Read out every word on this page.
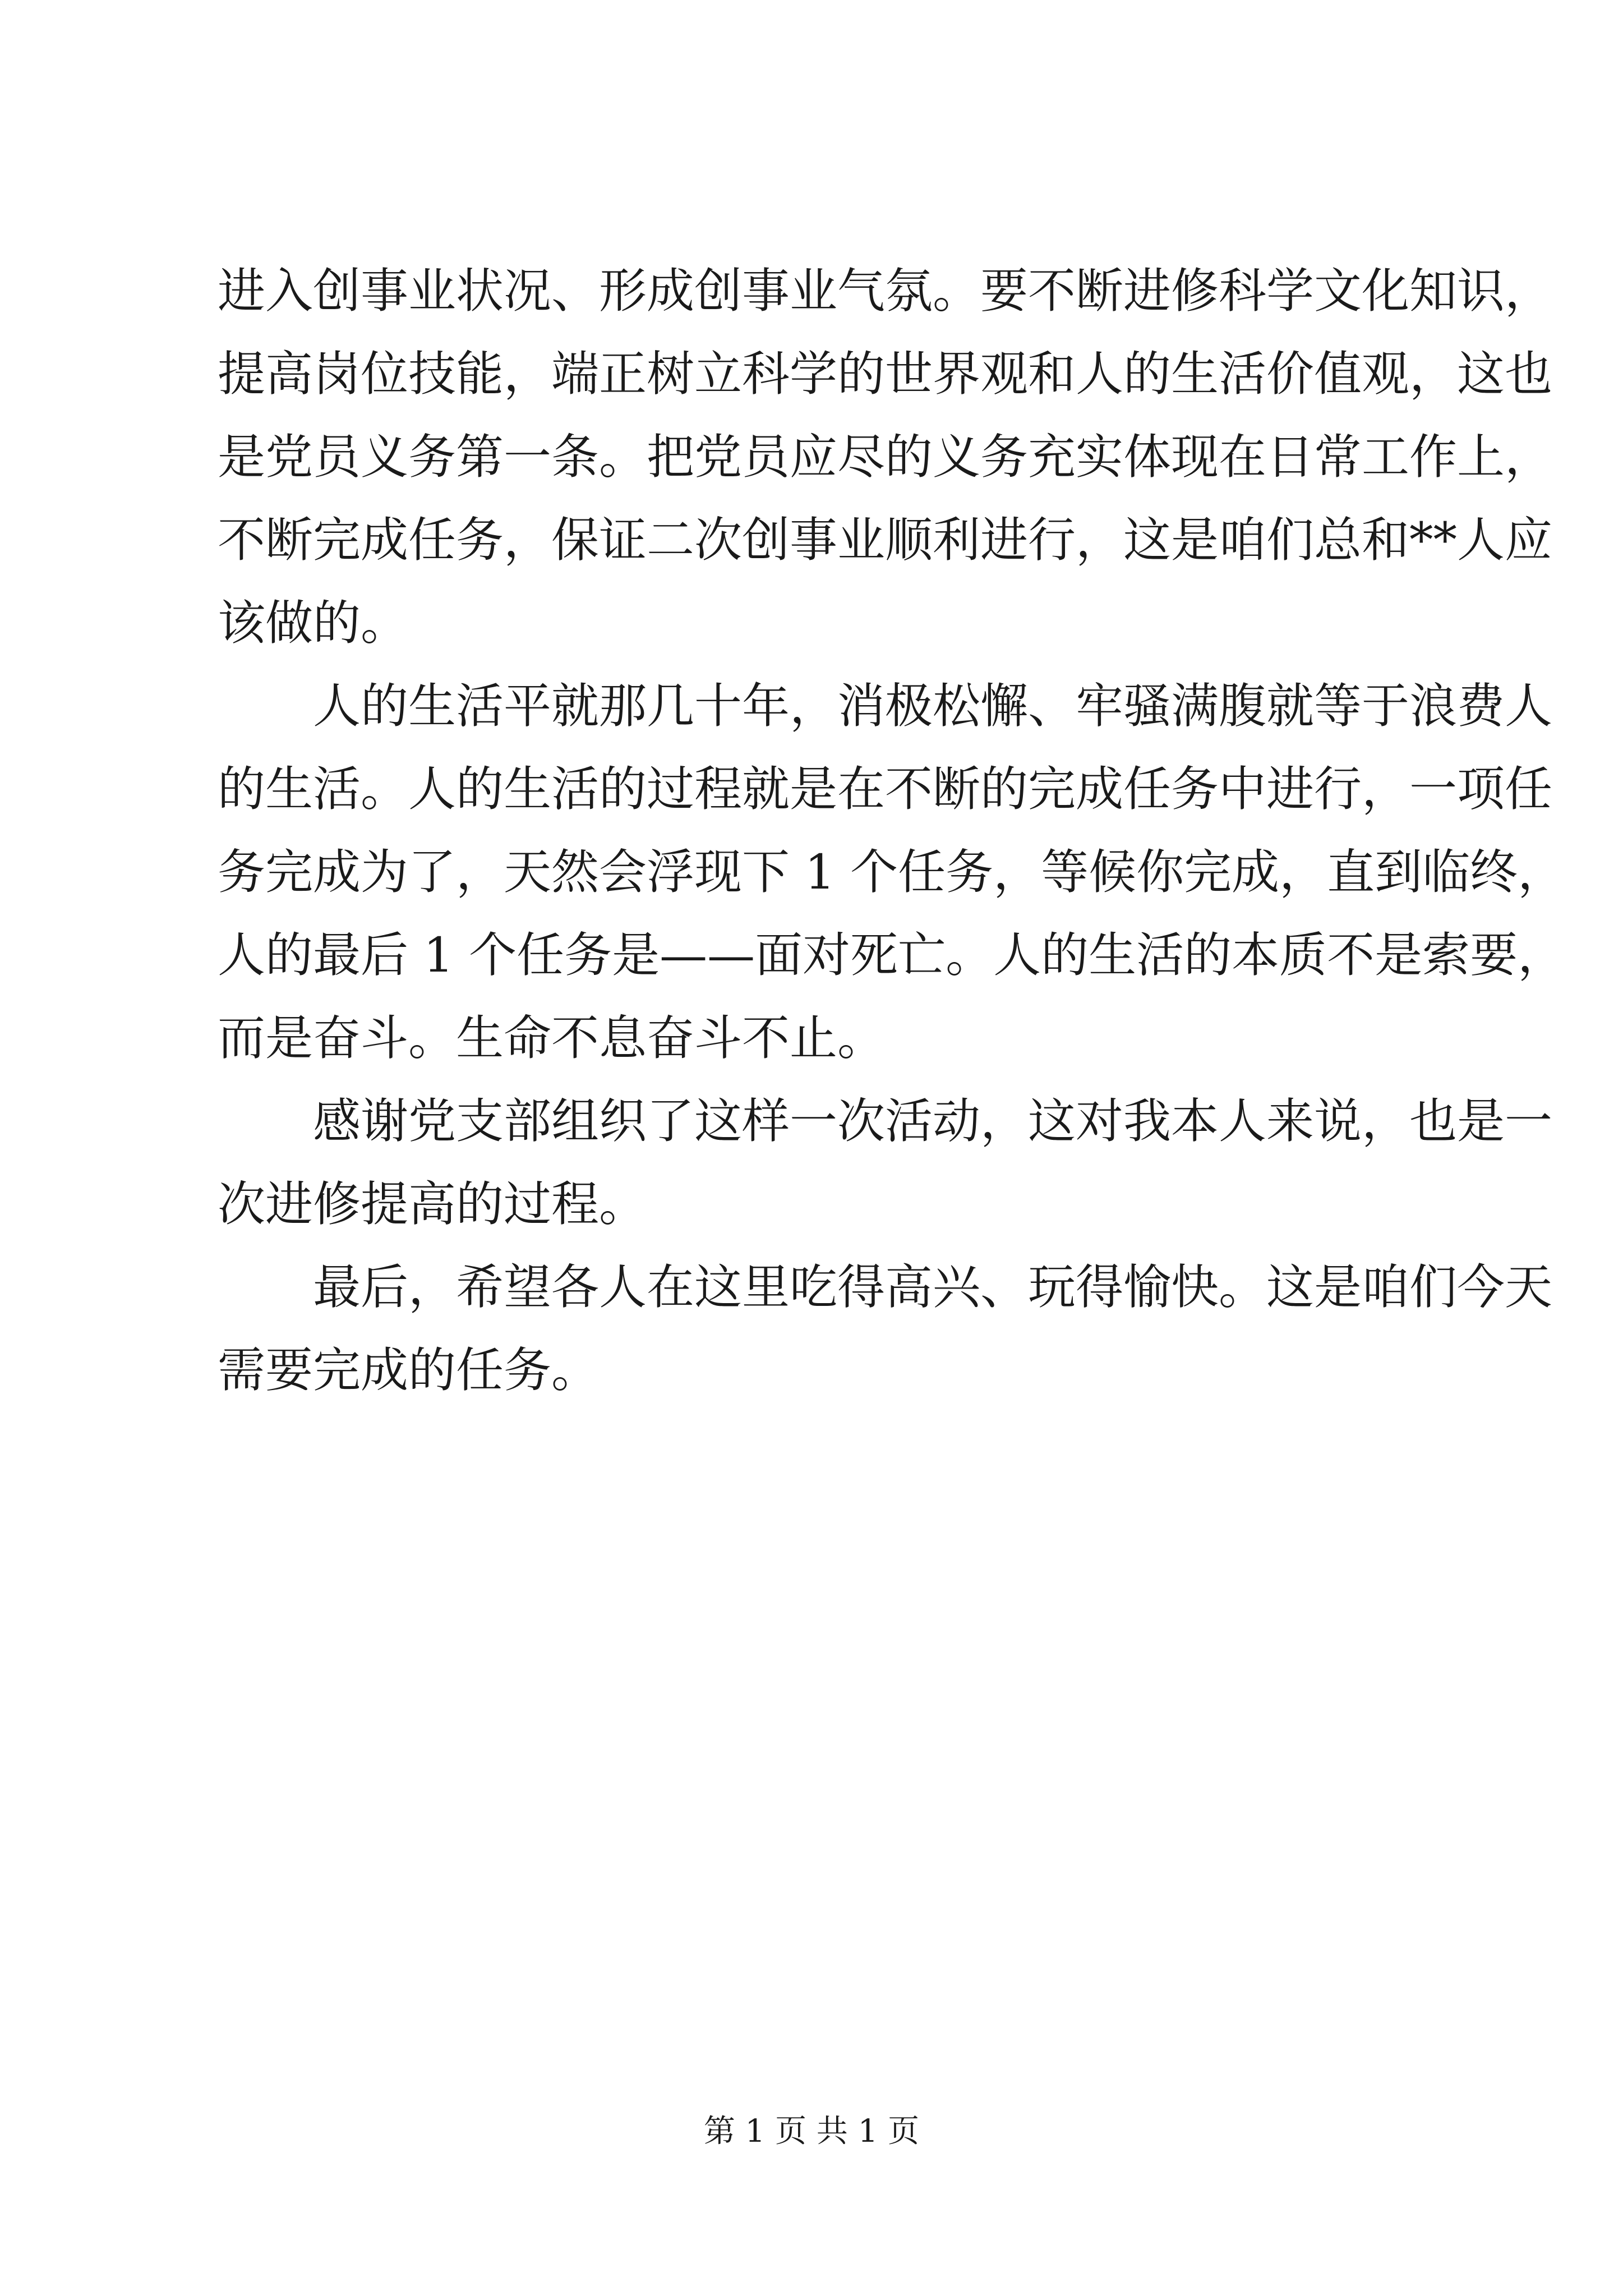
进入创事业状况、形成创事业气氛。要不断进修科学文化知识，
提高岗位技能，端正树立科学的世界观和人的生活价值观，这也
是党员义务第一条。把党员应尽的义务充实体现在日常工作上，
不断完成任务，保证二次创事业顺利进行，这是咱们总和**人应
该做的。
人的生活平就那几十年，消极松懈、牢骚满腹就等于浪费人
的生活。人的生活的过程就是在不断的完成任务中进行，一项任
务完成为了，天然会浮现下 1 个任务，等候你完成，直到临终，
人的最后 1 个任务是——面对死亡。人的生活的本质不是索要，
而是奋斗。生命不息奋斗不止。
感谢党支部组织了这样一次活动，这对我本人来说，也是一
次进修提高的过程。
最后，希望各人在这里吃得高兴、玩得愉快。这是咱们今天
需要完成的任务。
第 1 页 共 1 页
